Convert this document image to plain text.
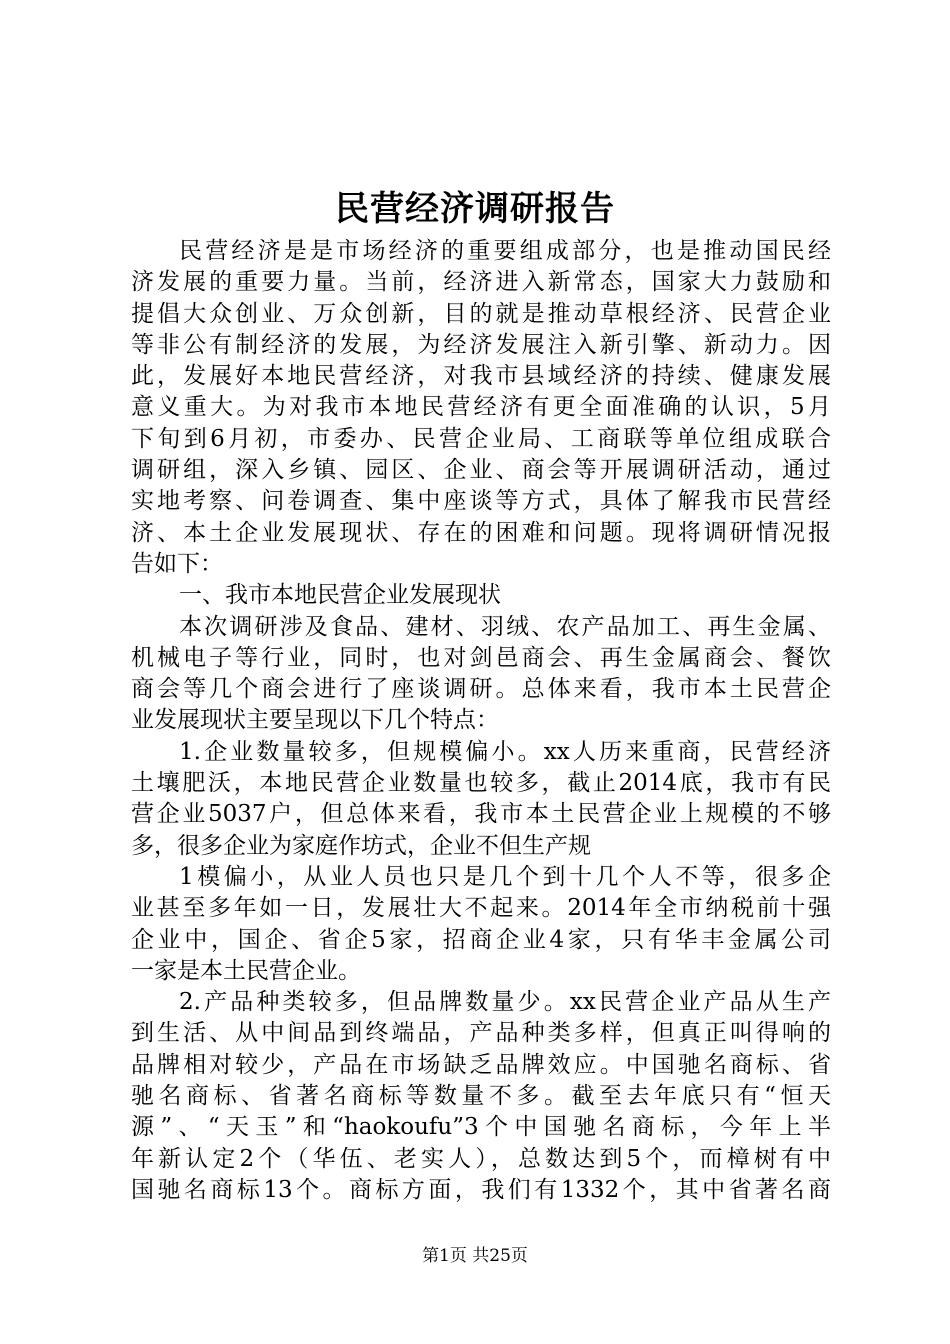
民营经济调研报告
民营经济是是市场经济的重要组成部分，也是推动国民经
济发展的重要力量。当前，经济进入新常态，国家大力鼓励和
提倡大众创业、万众创新，目的就是推动草根经济、民营企业
等非公有制经济的发展，为经济发展注入新引擎、新动力。因
此，发展好本地民营经济，对我市县域经济的持续、健康发展
意义重大。为对我市本地民营经济有更全面准确的认识，5月
下旬到6月初，市委办、民营企业局、工商联等单位组成联合
调研组，深入乡镇、园区、企业、商会等开展调研活动，通过
实地考察、问卷调查、集中座谈等方式，具体了解我市民营经
济、本土企业发展现状、存在的困难和问题。现将调研情况报
告如下：
一、我市本地民营企业发展现状
本次调研涉及食品、建材、羽绒、农产品加工、再生金属、
机械电子等行业，同时，也对剑邑商会、再生金属商会、餐饮
商会等几个商会进行了座谈调研。总体来看，我市本土民营企
业发展现状主要呈现以下几个特点：
1.企业数量较多，但规模偏小。xx人历来重商，民营经济
土壤肥沃，本地民营企业数量也较多，截止2014底，我市有民
营企业5037户，但总体来看，我市本土民营企业上规模的不够
多，很多企业为家庭作坊式，企业不但生产规
1模偏小，从业人员也只是几个到十几个人不等，很多企
业甚至多年如一日，发展壮大不起来。2014年全市纳税前十强
企业中，国企、省企5家，招商企业4家，只有华丰金属公司
一家是本土民营企业。
2.产品种类较多，但品牌数量少。xx民营企业产品从生产
到生活、从中间品到终端品，产品种类多样，但真正叫得响的
品牌相对较少，产品在市场缺乏品牌效应。中国驰名商标、省
驰名商标、省著名商标等数量不多。截至去年底只有“恒天
源”、“天玉”和“haokoufu”3个中国驰名商标，今年上半
年新认定2个（华伍、老实人），总数达到5个，而樟树有中
国驰名商标13个。商标方面，我们有1332个，其中省著名商
第1页 共25页
